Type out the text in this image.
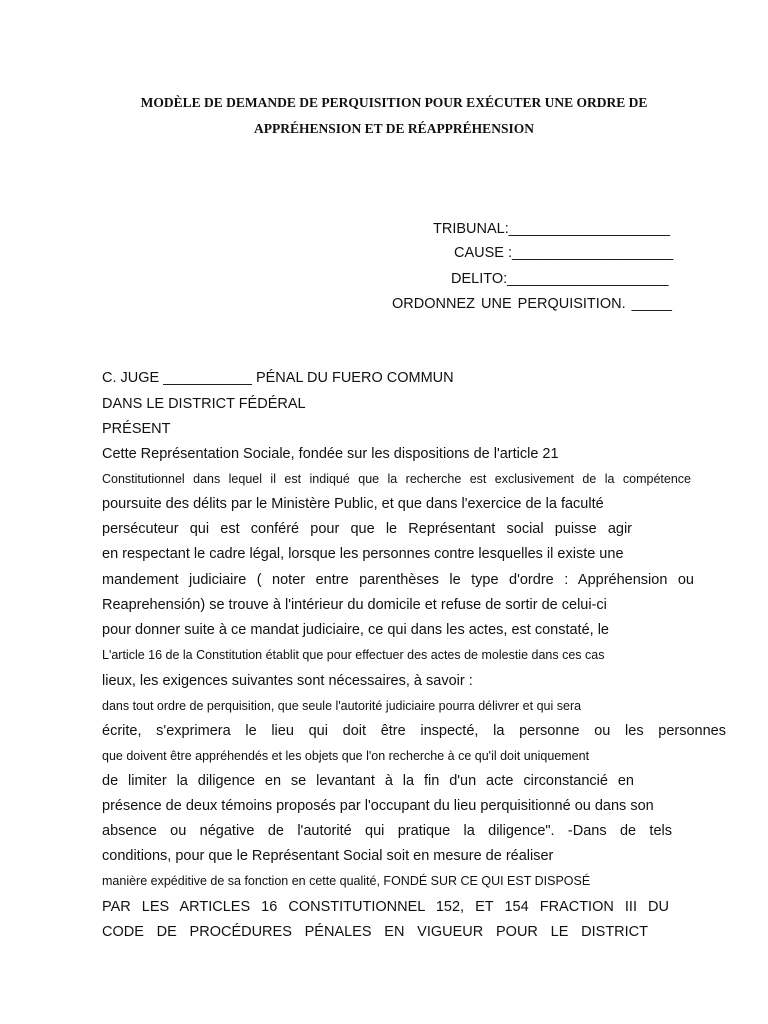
MODÈLE DE DEMANDE DE PERQUISITION POUR EXÉCUTER UNE ORDRE DE
APPRÉHENSION ET DE RÉAPPRÉHENSION
TRIBUNAL:____________________
CAUSE :____________________
DELITO:____________________
ORDONNEZ UNE PERQUISITION. _____
C. JUGE ___________ PÉNAL DU FUERO COMMUN
DANS LE DISTRICT FÉDÉRAL
PRÉSENT
Cette Représentation Sociale, fondée sur les dispositions de l'article 21
Constitutionnel dans lequel il est indiqué que la recherche est exclusivement de la compétence
poursuite des délits par le Ministère Public, et que dans l'exercice de la faculté
persécuteur qui est conféré pour que le Représentant social puisse agir
en respectant le cadre légal, lorsque les personnes contre lesquelles il existe une
mandement judiciaire ( noter entre parenthèses le type d'ordre : Appréhension ou
Reaprehensión) se trouve à l'intérieur du domicile et refuse de sortir de celui-ci
pour donner suite à ce mandat judiciaire, ce qui dans les actes, est constaté, le
L'article 16 de la Constitution établit que pour effectuer des actes de molestie dans ces cas
lieux, les exigences suivantes sont nécessaires, à savoir :
dans tout ordre de perquisition, que seule l'autorité judiciaire pourra délivrer et qui sera
écrite, s'exprimera le lieu qui doit être inspecté, la personne ou les personnes
que doivent être appréhendés et les objets que l'on recherche à ce qu'il doit uniquement
de limiter la diligence en se levantant à la fin d'un acte circonstancié en
présence de deux témoins proposés par l'occupant du lieu perquisitionné ou dans son
absence ou négative de l'autorité qui pratique la diligence". -Dans de tels
conditions, pour que le Représentant Social soit en mesure de réaliser
manière expéditive de sa fonction en cette qualité, FONDÉ SUR CE QUI EST DISPOSÉ
PAR LES ARTICLES 16 CONSTITUTIONNEL 152, ET 154 FRACTION III DU
CODE DE PROCÉDURES PÉNALES EN VIGUEUR POUR LE DISTRICT
